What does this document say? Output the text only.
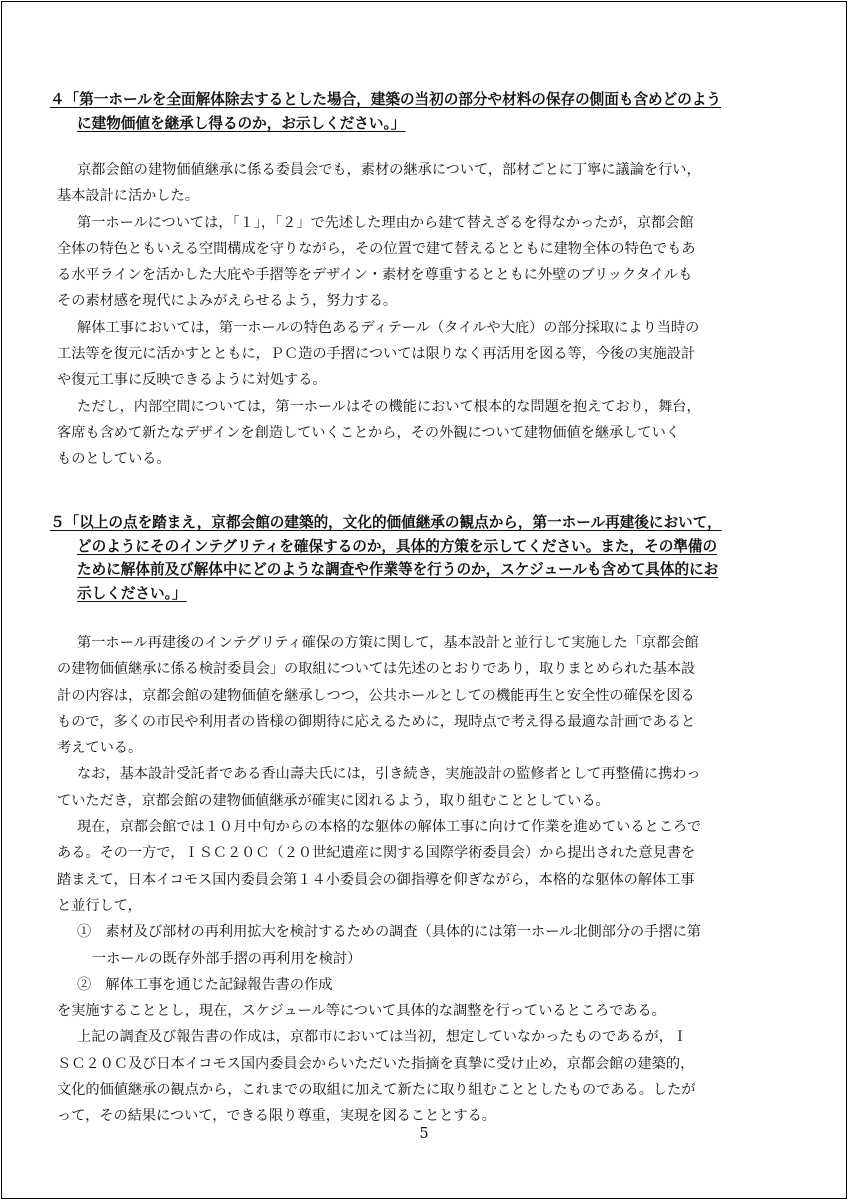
４「第一ホールを全面解体除去するとした場合，建築の当初の部分や材料の保存の側面も含めどのよう
に建物価値を継承し得るのか，お示しください。」
京都会館の建物価値継承に係る委員会でも，素材の継承について，部材ごとに丁寧に議論を行い，
基本設計に活かした。
第一ホールについては，「１」，「２」で先述した理由から建て替えざるを得なかったが，京都会館
全体の特色ともいえる空間構成を守りながら，その位置で建て替えるとともに建物全体の特色でもあ
る水平ラインを活かした大庇や手摺等をデザイン・素材を尊重するとともに外壁のブリックタイルも
その素材感を現代によみがえらせるよう，努力する。
解体工事においては，第一ホールの特色あるディテール（タイルや大庇）の部分採取により当時の
工法等を復元に活かすとともに，ＰＣ造の手摺については限りなく再活用を図る等，今後の実施設計
や復元工事に反映できるように対処する。
ただし，内部空間については，第一ホールはその機能において根本的な問題を抱えており，舞台，
客席も含めて新たなデザインを創造していくことから，その外観について建物価値を継承していく
ものとしている。
５「以上の点を踏まえ，京都会館の建築的，文化的価値継承の観点から，第一ホール再建後において，
どのようにそのインテグリティを確保するのか，具体的方策を示してください。また，その準備の
ために解体前及び解体中にどのような調査や作業等を行うのか，スケジュールも含めて具体的にお
示しください。」
第一ホール再建後のインテグリティ確保の方策に関して，基本設計と並行して実施した「京都会館
の建物価値継承に係る検討委員会」の取組については先述のとおりであり，取りまとめられた基本設
計の内容は，京都会館の建物価値を継承しつつ，公共ホールとしての機能再生と安全性の確保を図る
もので，多くの市民や利用者の皆様の御期待に応えるために，現時点で考え得る最適な計画であると
考えている。
なお，基本設計受託者である香山壽夫氏には，引き続き，実施設計の監修者として再整備に携わっ
ていただき，京都会館の建物価値継承が確実に図れるよう，取り組むこととしている。
現在，京都会館では１０月中旬からの本格的な躯体の解体工事に向けて作業を進めているところで
ある。その一方で，ＩＳＣ２０Ｃ（２０世紀遺産に関する国際学術委員会）から提出された意見書を
踏まえて，日本イコモス国内委員会第１４小委員会の御指導を仰ぎながら，本格的な躯体の解体工事
と並行して，
①　素材及び部材の再利用拡大を検討するための調査（具体的には第一ホール北側部分の手摺に第
一ホールの既存外部手摺の再利用を検討）
②　解体工事を通じた記録報告書の作成
を実施することとし，現在，スケジュール等について具体的な調整を行っているところである。
上記の調査及び報告書の作成は，京都市においては当初，想定していなかったものであるが，Ｉ
ＳＣ２０Ｃ及び日本イコモス国内委員会からいただいた指摘を真摯に受け止め，京都会館の建築的，
文化的価値継承の観点から，これまでの取組に加えて新たに取り組むこととしたものである。したが
って，その結果について，できる限り尊重，実現を図ることとする。
5
